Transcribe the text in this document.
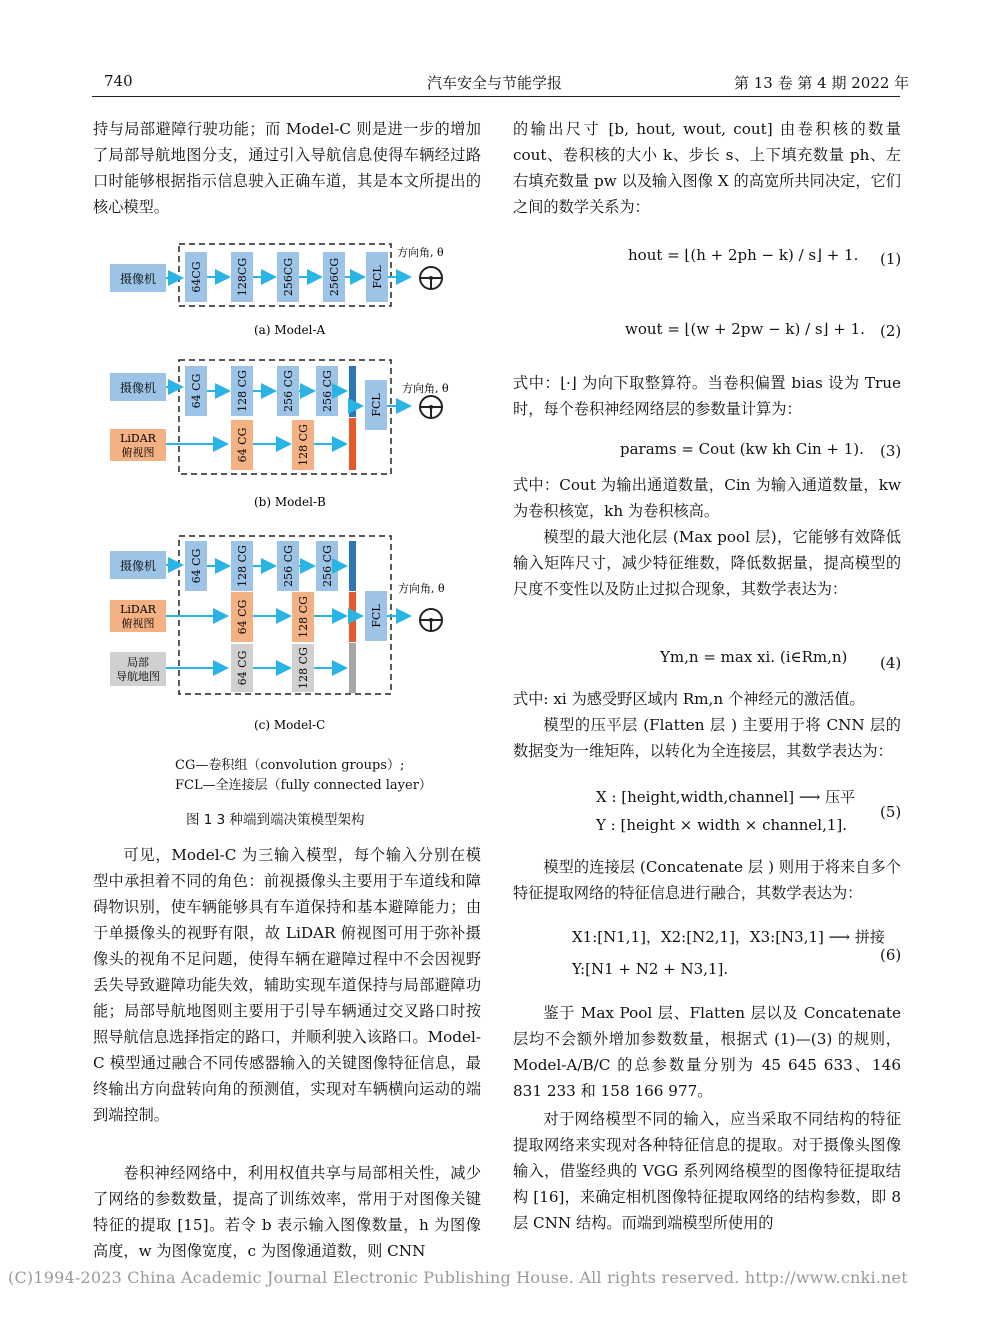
740	汽车安全与节能学报	第 13 卷 第 4 期 2022 年

持与局部避障行驶功能；而 Model-C 则是进一步的增加了局部导航地图分支，通过引入导航信息使得车辆经过路口时能够根据指示信息驶入正确车道，其是本文所提出的核心模型。

摄像机	64CG	128CG	256CG	256CG	FCL
方向角, θ
(a) Model-A
摄像机
LiDAR
俯视图
64 CG	128 CG	256 CG 256 CG
64 CG	128 CG
FCL
方向角, θ
(b) Model-B
摄像机
LiDAR
俯视图
局部
导航地图
64 CG	128 CG	256 CG 256 CG
64 CG	128 CG
64 CG	128 CG
FCL
方向角, θ
(c) Model-C
CG—卷积组（convolution groups）;
FCL—全连接层（fully connected layer）
图 1 3 种端到端决策模型架构

可见，Model-C 为三输入模型，每个输入分别在模型中承担着不同的角色：前视摄像头主要用于车道线和障碍物识别，使车辆能够具有车道保持和基本避障能力；由于单摄像头的视野有限，故 LiDAR 俯视图可用于弥补摄像头的视角不足问题，使得车辆在避障过程中不会因视野丢失导致避障功能失效，辅助实现车道保持与局部避障功能；局部导航地图则主要用于引导车辆通过交叉路口时按照导航信息选择指定的路口，并顺利驶入该路口。Model-C 模型通过融合不同传感器输入的关键图像特征信息，最终输出方向盘转向角的预测值，实现对车辆横向运动的端到端控制。

卷积神经网络中，利用权值共享与局部相关性，减少了网络的参数数量，提高了训练效率，常用于对图像关键特征的提取 [15]。若令 b 表示输入图像数量，h 为图像高度，w 为图像宽度，c 为图像通道数，则 CNN

的输出尺寸 [b, hout, wout, cout] 由卷积核的数量 cout、卷积核的大小 k、步长 s、上下填充数量 ph、左右填充数量 pw 以及输入图像 X 的高宽所共同决定，它们之间的数学关系为：

hout = ⌊(h + 2ph − k) / s⌋ + 1. (1)
wout = ⌊(w + 2pw − k) / s⌋ + 1. (2)

式中：⌊·⌋ 为向下取整算符。当卷积偏置 bias 设为 True 时，每个卷积神经网络层的参数量计算为：

params = Cout (kw kh Cin + 1). (3)

式中：Cout 为输出通道数量，Cin 为输入通道数量，kw 为卷积核宽，kh 为卷积核高。

模型的最大池化层 (Max pool 层)，它能够有效降低输入矩阵尺寸，减少特征维数，降低数据量，提高模型的尺度不变性以及防止过拟合现象，其数学表达为：

Ym,n = max xi. (i∈Rm,n) (4)

式中: xi 为感受野区域内 Rm,n 个神经元的激活值。

模型的压平层 (Flatten 层 ) 主要用于将 CNN 层的数据变为一维矩阵，以转化为全连接层，其数学表达为：

X : [height,width,channel] ⟶ 压平
Y : [height × width × channel,1].
(5)

模型的连接层 (Concatenate 层 ) 则用于将来自多个特征提取网络的特征信息进行融合，其数学表达为：

X1:[N1,1]，X2:[N2,1]，X3:[N3,1] ⟶ 拼接
Y:[N1 + N2 + N3,1].
(6)

鉴于 Max Pool 层、Flatten 层以及 Concatenate 层均不会额外增加参数数量，根据式 (1)—(3) 的规则，Model-A/B/C 的总参数量分别为 45 645 633、146 831 233 和 158 166 977。

对于网络模型不同的输入，应当采取不同结构的特征提取网络来实现对各种特征信息的提取。对于摄像头图像输入，借鉴经典的 VGG 系列网络模型的图像特征提取结构 [16]，来确定相机图像特征提取网络的结构参数，即 8 层 CNN 结构。而端到端模型所使用的

(C)1994-2023 China Academic Journal Electronic Publishing House. All rights reserved. http://www.cnki.net
